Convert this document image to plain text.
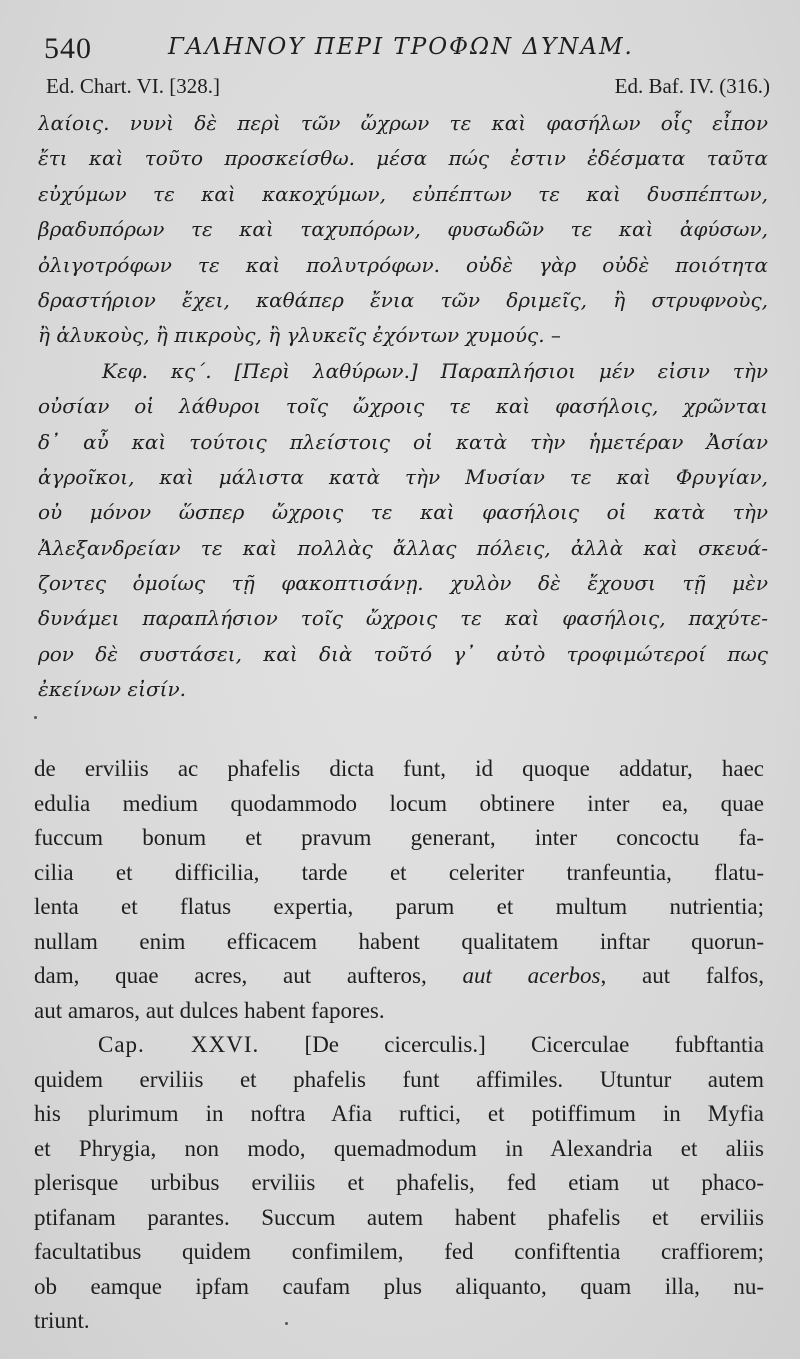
540	ΓΑΛΗΝΟΥ ΠΕΡΙ ΤΡΟΦΩΝ ΔΥΝΑΜ.
Ed. Chart. VI. [328.]	Ed. Baf. IV. (316.)
λαίοις. νυνὶ δὲ περὶ τῶν ὤχρων τε καὶ φασήλων οἷς εἶπον
ἔτι καὶ τοῦτο προσκείσθω. μέσα πώς ἐστιν ἐδέσματα ταῦτα
εὐχύμων τε καὶ κακοχύμων, εὐπέπτων τε καὶ δυσπέπτων,
βραδυπόρων τε καὶ ταχυπόρων, φυσωδῶν τε καὶ ἀφύσων,
ὀλιγοτρόφων τε καὶ πολυτρόφων. οὐδὲ γὰρ οὐδὲ ποιότητα
δραστήριον ἔχει, καθάπερ ἔνια τῶν δριμεῖς, ἢ στρυφνοὺς,
ἢ ἁλυκοὺς, ἢ πικροὺς, ἢ γλυκεῖς ἐχόντων χυμούς. –
Κεφ. κς΄. [Περὶ λαθύρων.] Παραπλήσιοι μέν εἰσιν τὴν
οὐσίαν οἱ λάθυροι τοῖς ὤχροις τε καὶ φασήλοις, χρῶνται
δ᾽ αὖ καὶ τούτοις πλείστοις οἱ κατὰ τὴν ἡμετέραν Ἀσίαν
ἀγροῖκοι, καὶ μάλιστα κατὰ τὴν Μυσίαν τε καὶ Φρυγίαν,
οὐ μόνον ὥσπερ ὤχροις τε καὶ φασήλοις οἱ κατὰ τὴν
Ἀλεξανδρείαν τε καὶ πολλὰς ἄλλας πόλεις, ἀλλὰ καὶ σκευά-
ζοντες ὁμοίως τῇ φακοπτισάνῃ. χυλὸν δὲ ἔχουσι τῇ μὲν
δυνάμει παραπλήσιον τοῖς ὤχροις τε καὶ φασήλοις, παχύτε-
ρον δὲ συστάσει, καὶ διὰ τοῦτό γ᾽ αὐτὸ τροφιμώτεροί πως
ἐκείνων εἰσίν.
de erviliis ac phafelis dicta funt, id quoque addatur, haec
edulia medium quodammodo locum obtinere inter ea, quae
fuccum bonum et pravum generant, inter concoctu fa-
cilia et difficilia, tarde et celeriter tranfeuntia, flatu-
lenta et flatus expertia, parum et multum nutrientia;
nullam enim efficacem habent qualitatem inftar quorun-
dam, quae acres, aut aufteros, aut acerbos, aut falfos,
aut amaros, aut dulces habent fapores.
Cap. XXVI. [De cicerculis.] Cicerculae fubftantia
quidem erviliis et phafelis funt affimiles. Utuntur autem
his plurimum in noftra Afia ruftici, et potiffimum in Myfia
et Phrygia, non modo, quemadmodum in Alexandria et aliis
plerisque urbibus erviliis et phafelis, fed etiam ut phaco-
ptifanam parantes. Succum autem habent phafelis et erviliis
facultatibus quidem confimilem, fed confiftentia craffiorem;
ob eamque ipfam caufam plus aliquanto, quam illa, nu-
triunt.
